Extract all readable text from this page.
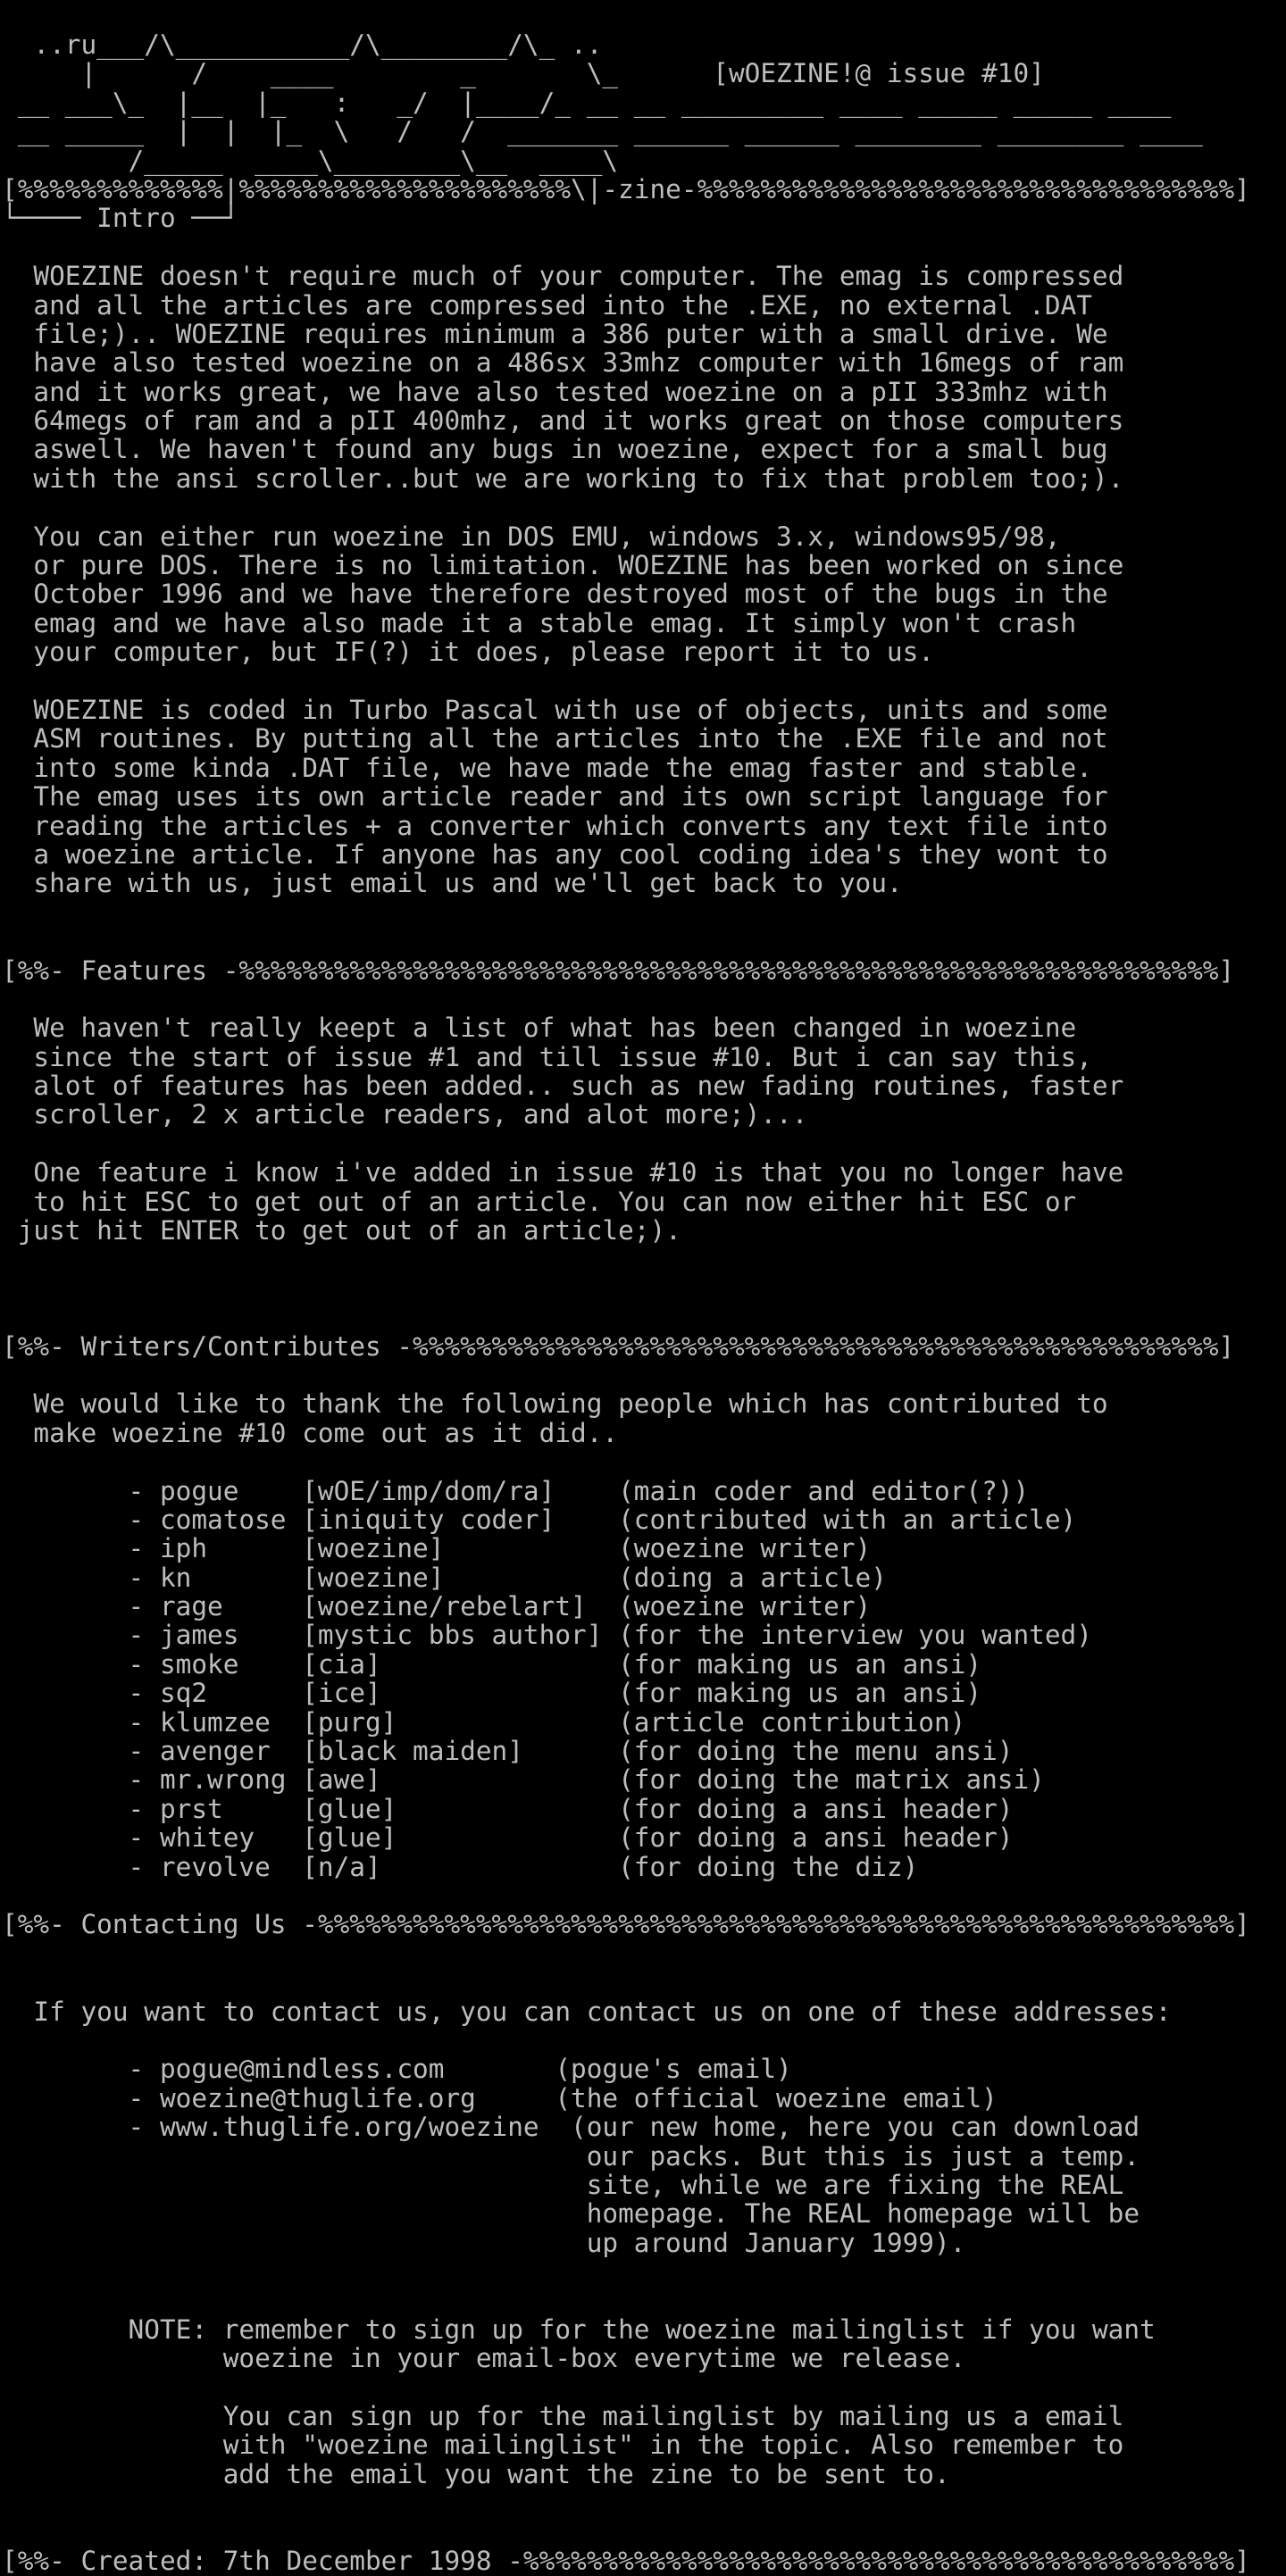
..ru___/\___________/\________/\_ ..
|      /    ____        _       \_      [wOEZINE!@ issue #10]
__ ___\_  |__  |_   :   _/  |____/_ __ __ _________ ____ _____ _____ ____
__ _____  |  |  |_  \   /   /  _______ ______ ______ ________ ________ ____
/_____  ____\________\__  ____\
[%%%%%%%%%%%%%|%%%%%%%%%%%%%%%%%%%%%\|-zine-%%%%%%%%%%%%%%%%%%%%%%%%%%%%%%%%%%]
└──── Intro ──┘

WOEZINE doesn't require much of your computer. The emag is compressed
and all the articles are compressed into the .EXE, no external .DAT
file;).. WOEZINE requires minimum a 386 puter with a small drive. We
have also tested woezine on a 486sx 33mhz computer with 16megs of ram
and it works great, we have also tested woezine on a pII 333mhz with
64megs of ram and a pII 400mhz, and it works great on those computers
aswell. We haven't found any bugs in woezine, expect for a small bug
with the ansi scroller..but we are working to fix that problem too;).

You can either run woezine in DOS EMU, windows 3.x, windows95/98,
or pure DOS. There is no limitation. WOEZINE has been worked on since
October 1996 and we have therefore destroyed most of the bugs in the
emag and we have also made it a stable emag. It simply won't crash
your computer, but IF(?) it does, please report it to us.

WOEZINE is coded in Turbo Pascal with use of objects, units and some
ASM routines. By putting all the articles into the .EXE file and not
into some kinda .DAT file, we have made the emag faster and stable.
The emag uses its own article reader and its own script language for
reading the articles + a converter which converts any text file into
a woezine article. If anyone has any cool coding idea's they wont to
share with us, just email us and we'll get back to you.

[%%- Features -%%%%%%%%%%%%%%%%%%%%%%%%%%%%%%%%%%%%%%%%%%%%%%%%%%%%%%%%%%%%%%]

We haven't really keept a list of what has been changed in woezine
since the start of issue #1 and till issue #10. But i can say this,
alot of features has been added.. such as new fading routines, faster
scroller, 2 x article readers, and alot more;)...

One feature i know i've added in issue #10 is that you no longer have
to hit ESC to get out of an article. You can now either hit ESC or
just hit ENTER to get out of an article;).

[%%- Writers/Contributes -%%%%%%%%%%%%%%%%%%%%%%%%%%%%%%%%%%%%%%%%%%%%%%%%%%%]

We would like to thank the following people which has contributed to
make woezine #10 come out as it did..

- pogue    [wOE/imp/dom/ra]    (main coder and editor(?))
- comatose [iniquity coder]    (contributed with an article)
- iph      [woezine]           (woezine writer)
- kn       [woezine]           (doing a article)
- rage     [woezine/rebelart]  (woezine writer)
- james    [mystic bbs author] (for the interview you wanted)
- smoke    [cia]               (for making us an ansi)
- sq2      [ice]               (for making us an ansi)
- klumzee  [purg]              (article contribution)
- avenger  [black maiden]      (for doing the menu ansi)
- mr.wrong [awe]               (for doing the matrix ansi)
- prst     [glue]              (for doing a ansi header)
- whitey   [glue]              (for doing a ansi header)
- revolve  [n/a]               (for doing the diz)

[%%- Contacting Us -%%%%%%%%%%%%%%%%%%%%%%%%%%%%%%%%%%%%%%%%%%%%%%%%%%%%%%%%%%]

If you want to contact us, you can contact us on one of these addresses:

- pogue@mindless.com       (pogue's email)
- woezine@thuglife.org     (the official woezine email)
- www.thuglife.org/woezine  (our new home, here you can download
our packs. But this is just a temp.
site, while we are fixing the REAL
homepage. The REAL homepage will be
up around January 1999).

NOTE: remember to sign up for the woezine mailinglist if you want
woezine in your email-box everytime we release.

You can sign up for the mailinglist by mailing us a email
with "woezine mailinglist" in the topic. Also remember to
add the email you want the zine to be sent to.

[%%- Created: 7th December 1998 -%%%%%%%%%%%%%%%%%%%%%%%%%%%%%%%%%%%%%%%%%%%%%]
